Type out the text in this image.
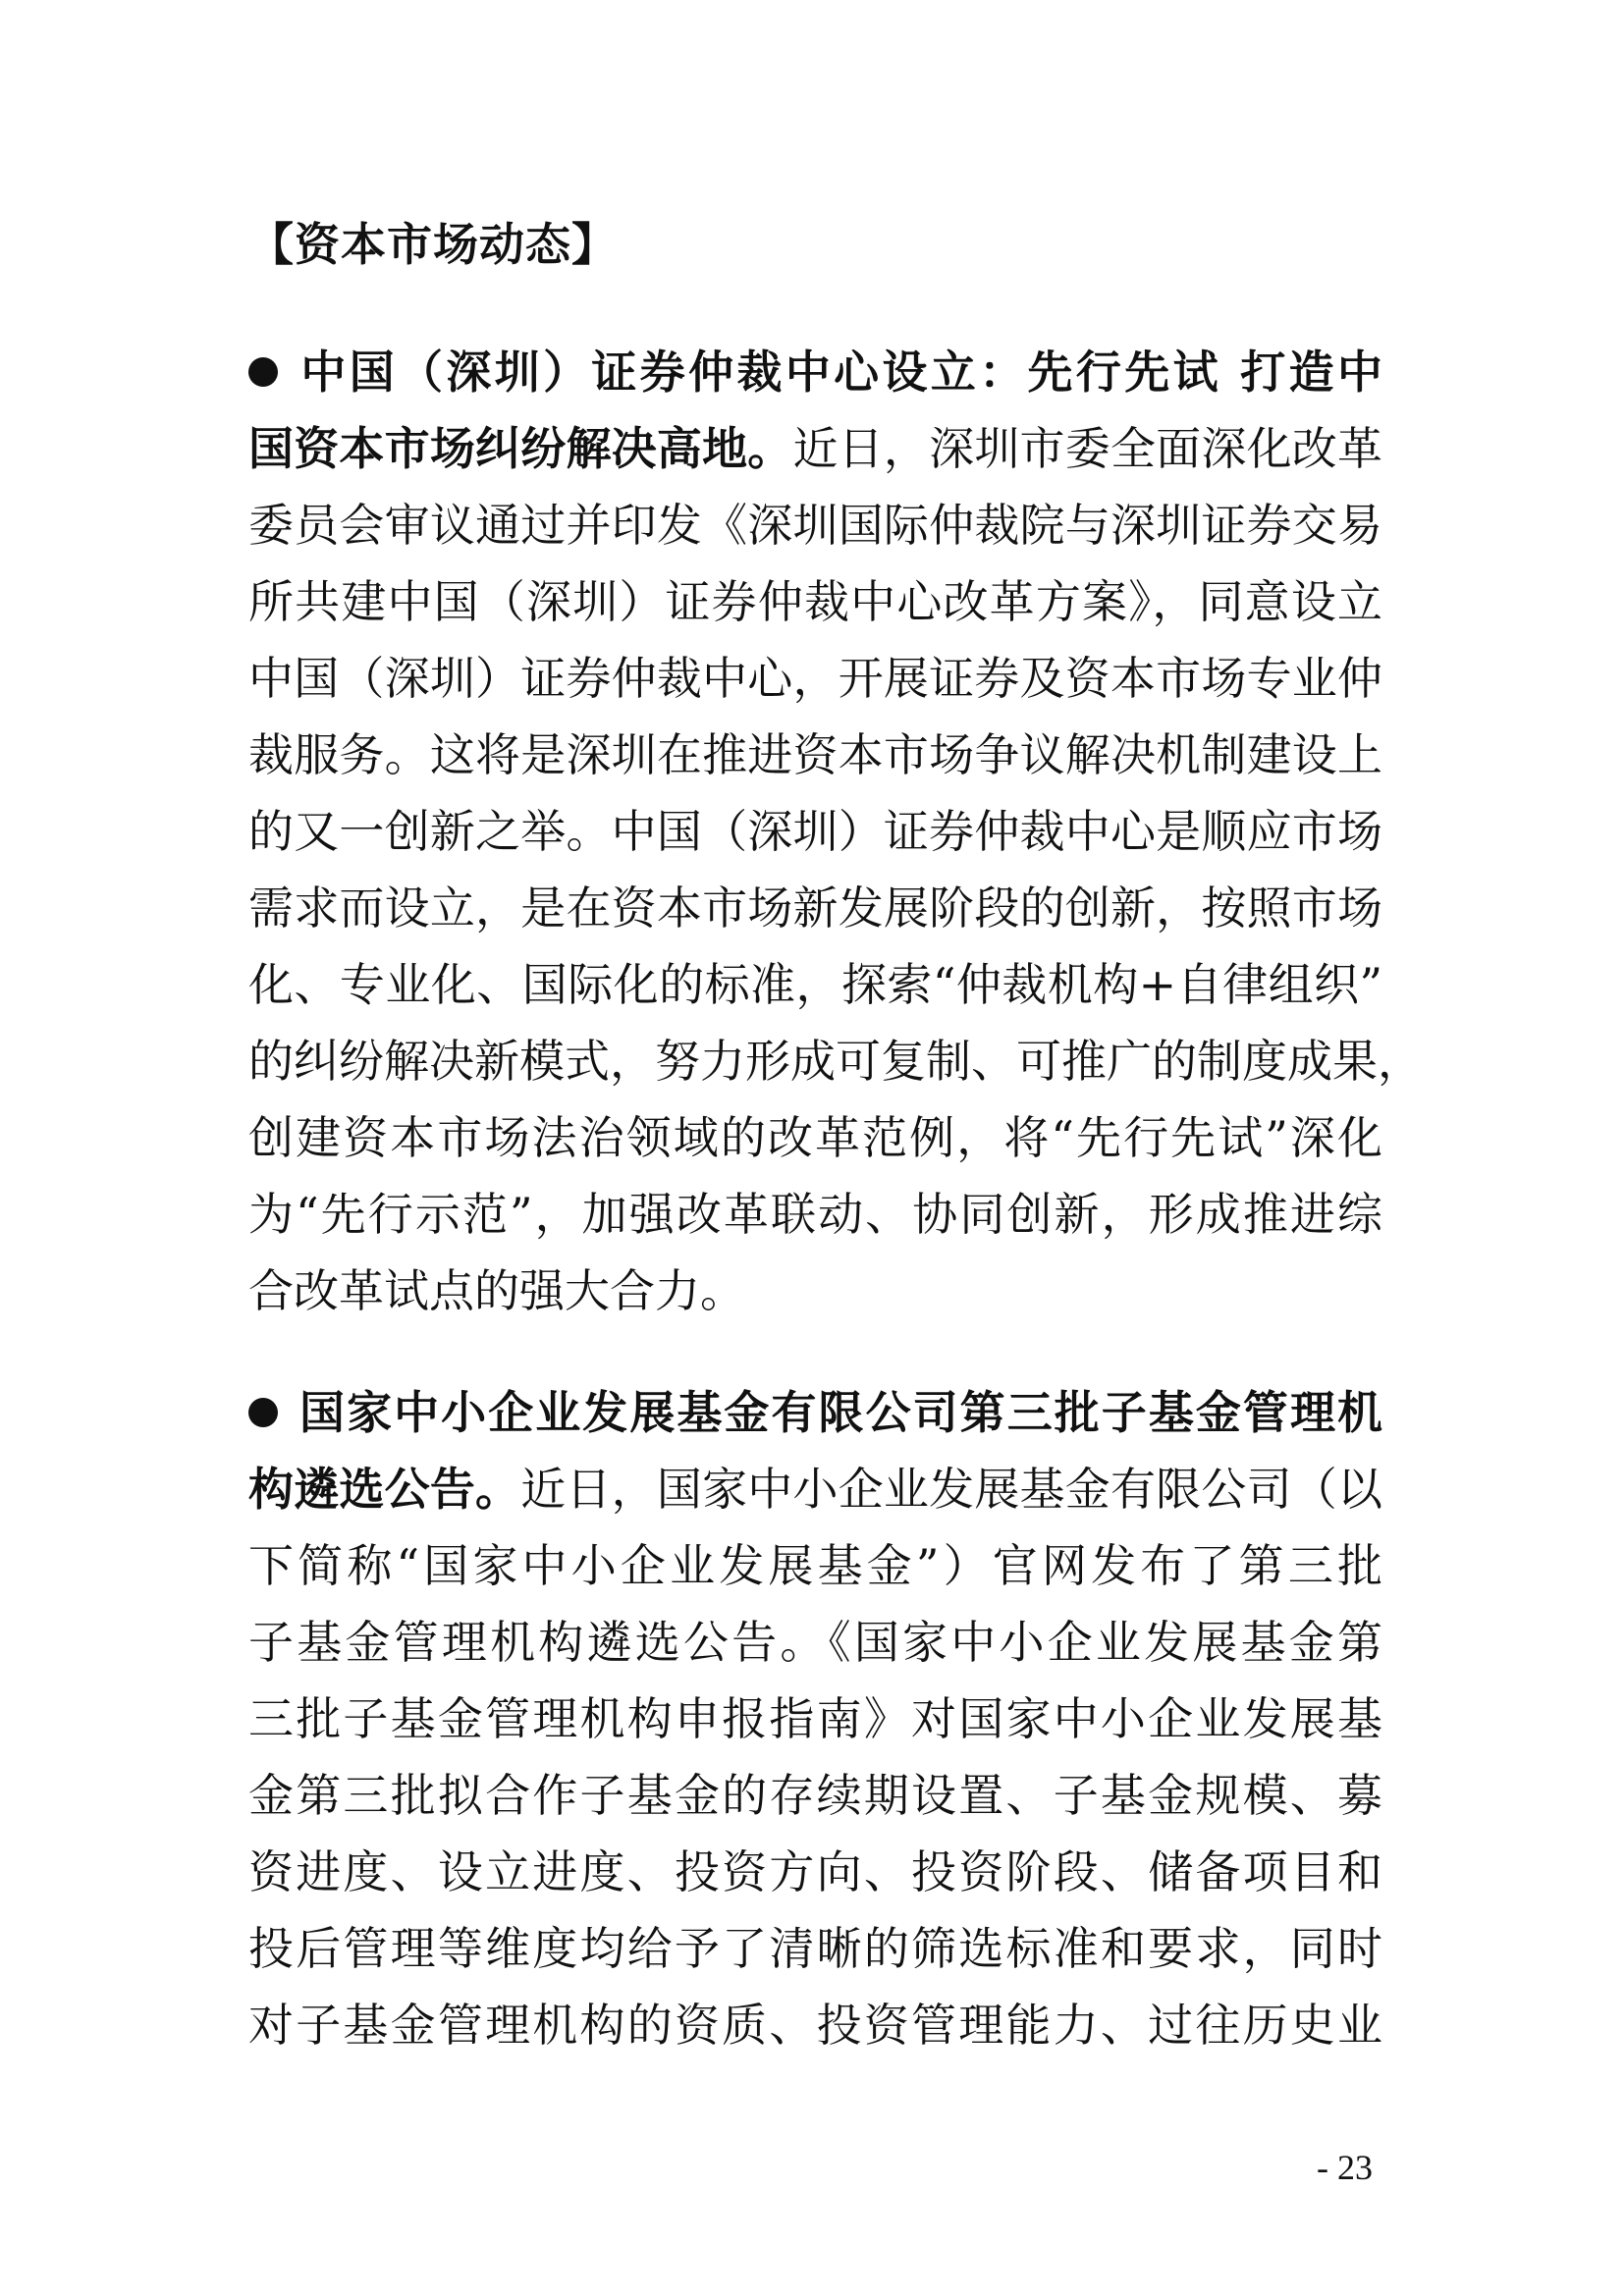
【资本市场动态】
中国（深圳）证券仲裁中心设立：先行先试 打造中
国资本市场纠纷解决高地。近日，深圳市委全面深化改革
委员会审议通过并印发《深圳国际仲裁院与深圳证券交易
所共建中国（深圳）证券仲裁中心改革方案》，同意设立
中国（深圳）证券仲裁中心，开展证券及资本市场专业仲
裁服务。这将是深圳在推进资本市场争议解决机制建设上
的又一创新之举。中国（深圳）证券仲裁中心是顺应市场
需求而设立，是在资本市场新发展阶段的创新，按照市场
化、专业化、国际化的标准，探索“仲裁机构+自律组织”
的纠纷解决新模式，努力形成可复制、可推广的制度成果，
创建资本市场法治领域的改革范例，将“先行先试”深化
为“先行示范”，加强改革联动、协同创新，形成推进综
合改革试点的强大合力。
国家中小企业发展基金有限公司第三批子基金管理机
构遴选公告。近日，国家中小企业发展基金有限公司（以
下简称“国家中小企业发展基金”）官网发布了第三批
子基金管理机构遴选公告。《国家中小企业发展基金第
三批子基金管理机构申报指南》对国家中小企业发展基
金第三批拟合作子基金的存续期设置、子基金规模、募
资进度、设立进度、投资方向、投资阶段、储备项目和
投后管理等维度均给予了清晰的筛选标准和要求，同时
对子基金管理机构的资质、投资管理能力、过往历史业
- 23
